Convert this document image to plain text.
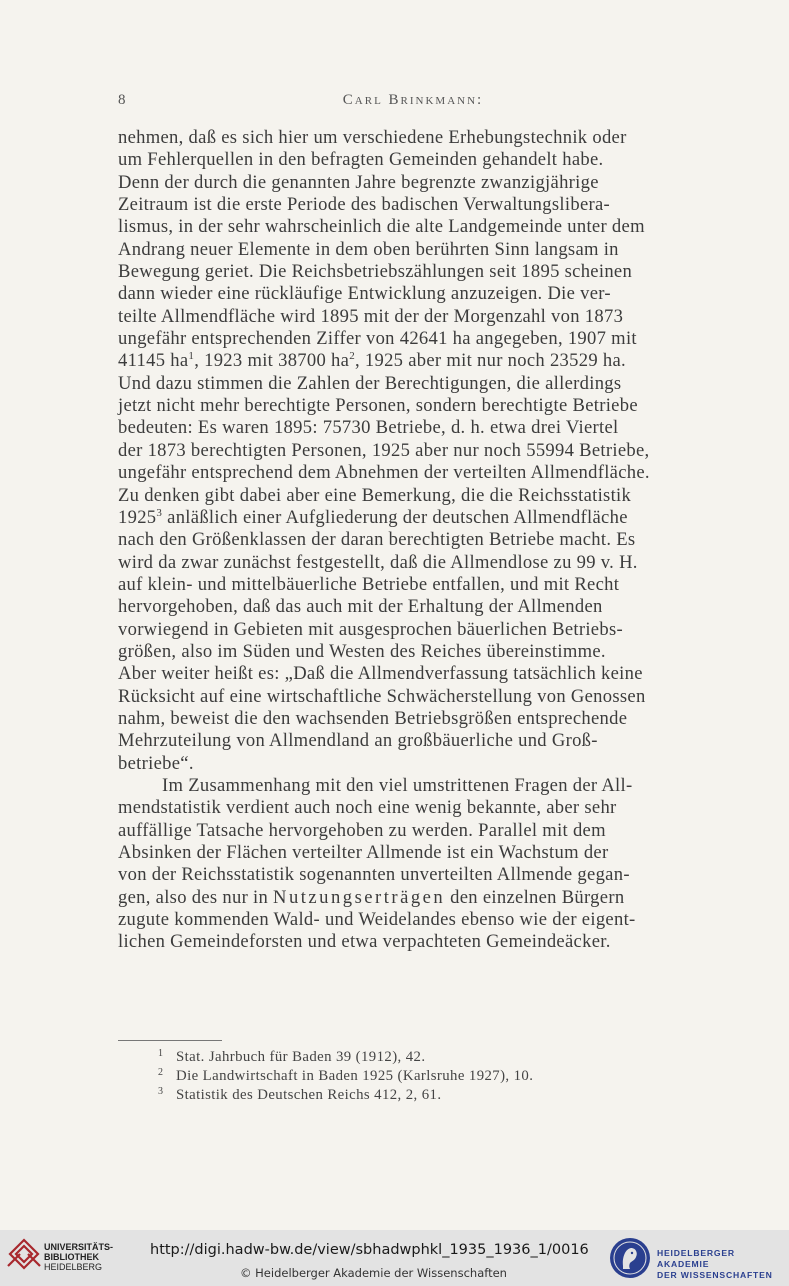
8	Carl Brinkmann:
nehmen, daß es sich hier um verschiedene Erhebungstechnik oder
um Fehlerquellen in den befragten Gemeinden gehandelt habe.
Denn der durch die genannten Jahre begrenzte zwanzigjährige
Zeitraum ist die erste Periode des badischen Verwaltungslibera-
lismus, in der sehr wahrscheinlich die alte Landgemeinde unter dem
Andrang neuer Elemente in dem oben berührten Sinn langsam in
Bewegung geriet. Die Reichsbetriebszählungen seit 1895 scheinen
dann wieder eine rückläufige Entwicklung anzuzeigen. Die ver-
teilte Allmendfläche wird 1895 mit der der Morgenzahl von 1873
ungefähr entsprechenden Ziffer von 42641 ha angegeben, 1907 mit
41145 $ha^1$, 1923 mit 38700 $ha^2$, 1925 aber mit nur noch 23529 ha.
Und dazu stimmen die Zahlen der Berechtigungen, die allerdings
jetzt nicht mehr berechtigte Personen, sondern berechtigte Betriebe
bedeuten: Es waren 1895: 75730 Betriebe, d. h. etwa drei Viertel
der 1873 berechtigten Personen, 1925 aber nur noch 55994 Betriebe,
ungefähr entsprechend dem Abnehmen der verteilten Allmendfläche.
Zu denken gibt dabei aber eine Bemerkung, die die Reichsstatistik
1925$^3$ anläßlich einer Aufgliederung der deutschen Allmendfläche
nach den Größenklassen der daran berechtigten Betriebe macht. Es
wird da zwar zunächst festgestellt, daß die Allmendlose zu 99 v. H.
auf klein- und mittelbäuerliche Betriebe entfallen, und mit Recht
hervorgehoben, daß das auch mit der Erhaltung der Allmenden
vorwiegend in Gebieten mit ausgesprochen bäuerlichen Betriebs-
größen, also im Süden und Westen des Reiches übereinstimme.
Aber weiter heißt es: „Daß die Allmendverfassung tatsächlich keine
Rücksicht auf eine wirtschaftliche Schwächerstellung von Genossen
nahm, beweist die den wachsenden Betriebsgrößen entsprechende
Mehrzuteilung von Allmendland an großbäuerliche und Groß-
betriebe“.
Im Zusammenhang mit den viel umstrittenen Fragen der All-
mendstatistik verdient auch noch eine wenig bekannte, aber sehr
auffällige Tatsache hervorgehoben zu werden. Parallel mit dem
Absinken der Flächen verteilter Allmende ist ein Wachstum der
von der Reichsstatistik sogenannten unverteilten Allmende gegan-
gen, also des nur in Nutzungserträgen den einzelnen Bürgern
zugute kommenden Wald- und Weidelandes ebenso wie der eigent-
lichen Gemeindeforsten und etwa verpachteten Gemeindeäcker.
1 Stat. Jahrbuch für Baden 39 (1912), 42.
2 Die Landwirtschaft in Baden 1925 (Karlsruhe 1927), 10.
3 Statistik des Deutschen Reichs 412, 2, 61.
UNIVERSITÄTS-
BIBLIOTHEK
HEIDELBERG
http://digi.hadw-bw.de/view/sbhadwphkl_1935_1936_1/0016
© Heidelberger Akademie der Wissenschaften
HEIDELBERGER AKADEMIE
DER WISSENSCHAFTEN
